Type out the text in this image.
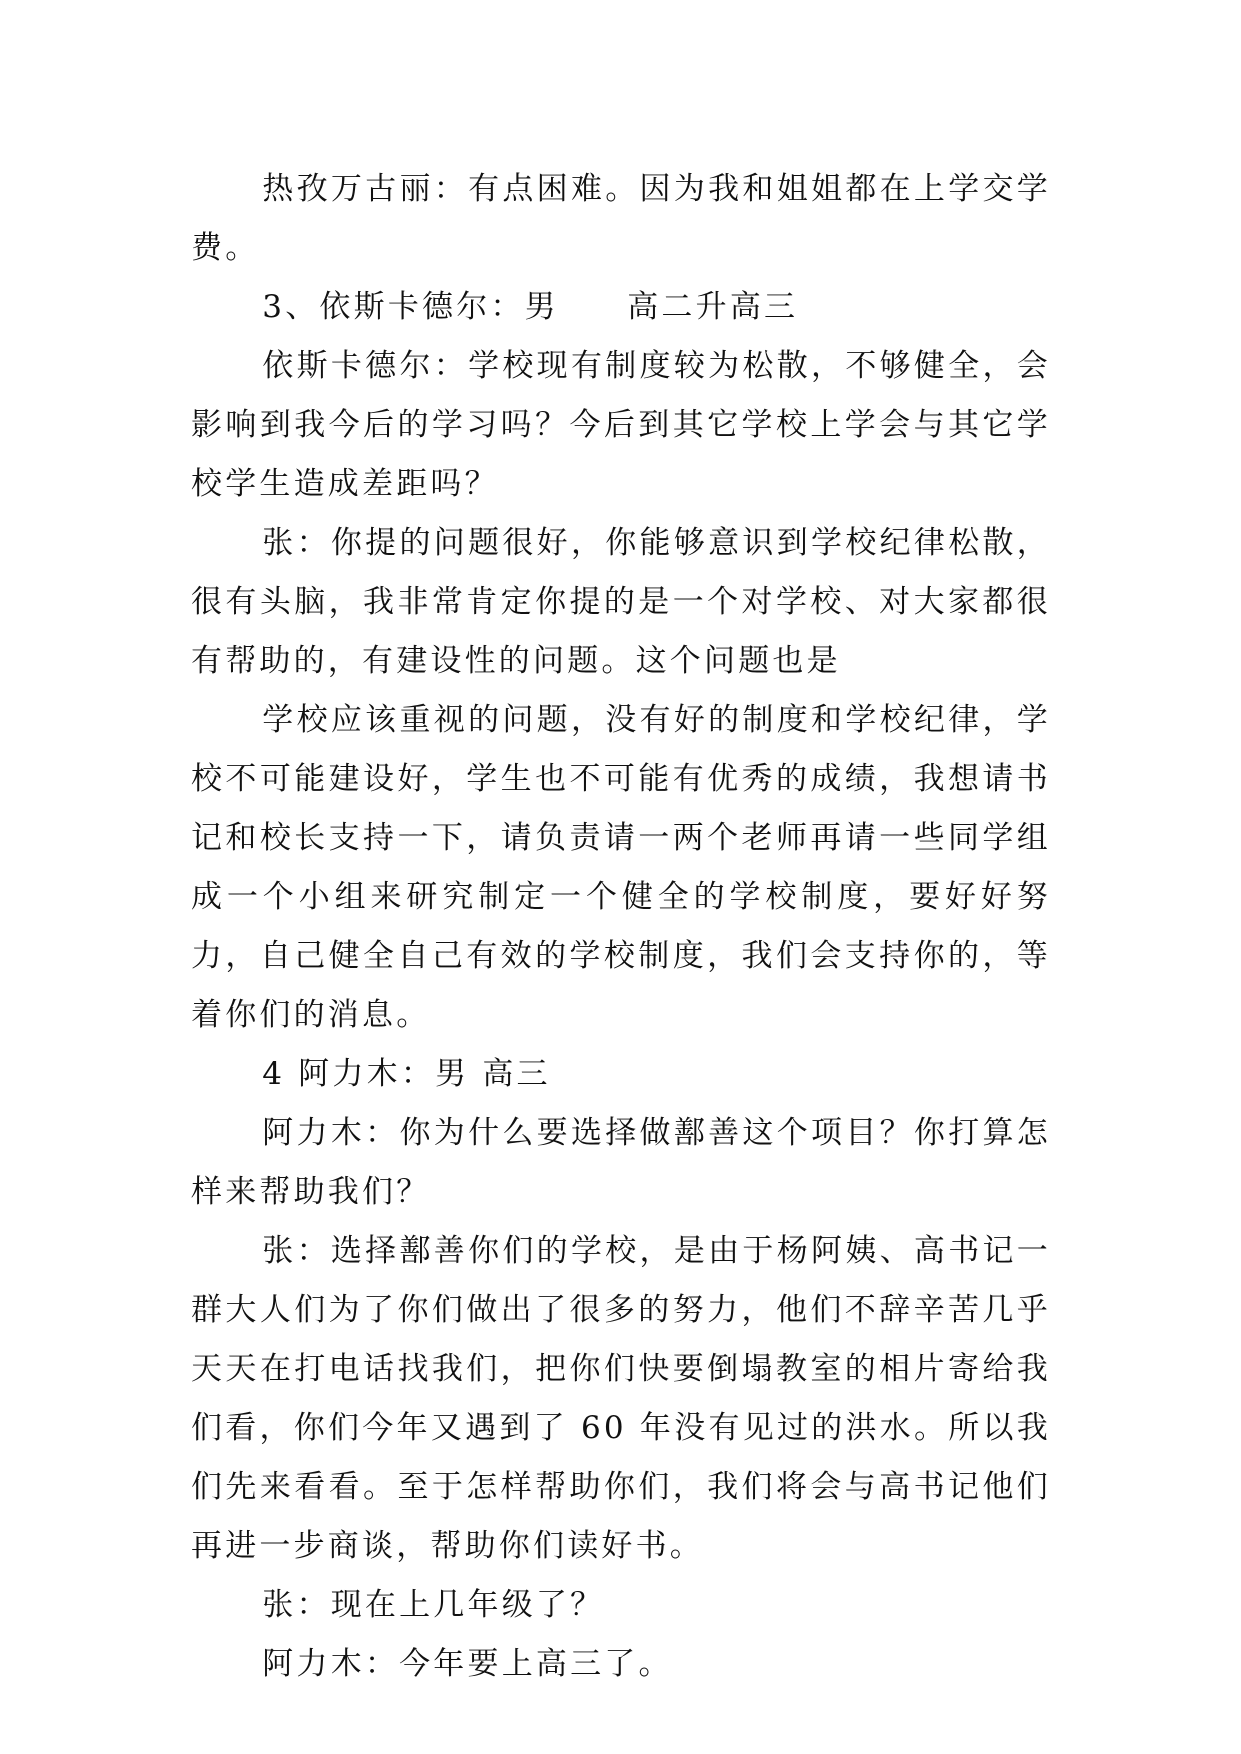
热孜万古丽：有点困难。因为我和姐姐都在上学交学费。

3、依斯卡德尔：男　　高二升高三

依斯卡德尔：学校现有制度较为松散，不够健全，会影响到我今后的学习吗？今后到其它学校上学会与其它学校学生造成差距吗？

张：你提的问题很好，你能够意识到学校纪律松散，很有头脑，我非常肯定你提的是一个对学校、对大家都很有帮助的，有建设性的问题。这个问题也是

学校应该重视的问题，没有好的制度和学校纪律，学校不可能建设好，学生也不可能有优秀的成绩，我想请书记和校长支持一下，请负责请一两个老师再请一些同学组成一个小组来研究制定一个健全的学校制度，要好好努力，自己健全自己有效的学校制度，我们会支持你的，等着你们的消息。

4 阿力木：男 高三

阿力木：你为什么要选择做鄯善这个项目？你打算怎样来帮助我们？

张：选择鄯善你们的学校，是由于杨阿姨、高书记一群大人们为了你们做出了很多的努力，他们不辞辛苦几乎天天在打电话找我们，把你们快要倒塌教室的相片寄给我们看，你们今年又遇到了 60 年没有见过的洪水。所以我们先来看看。至于怎样帮助你们，我们将会与高书记他们再进一步商谈，帮助你们读好书。

张：现在上几年级了？

阿力木：今年要上高三了。
